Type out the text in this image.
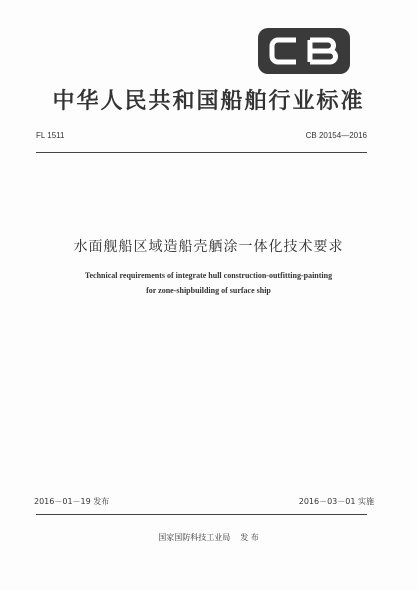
中华人民共和国船舶行业标准
FL 1511	CB 20154—2016
水面舰船区域造船壳舾涂一体化技术要求
Technical requirements of integrate hull construction-outfitting-painting
for zone-shipbuilding of surface ship
2016－01－19 发布	2016－03－01 实施
国家国防科技工业局 发 布
